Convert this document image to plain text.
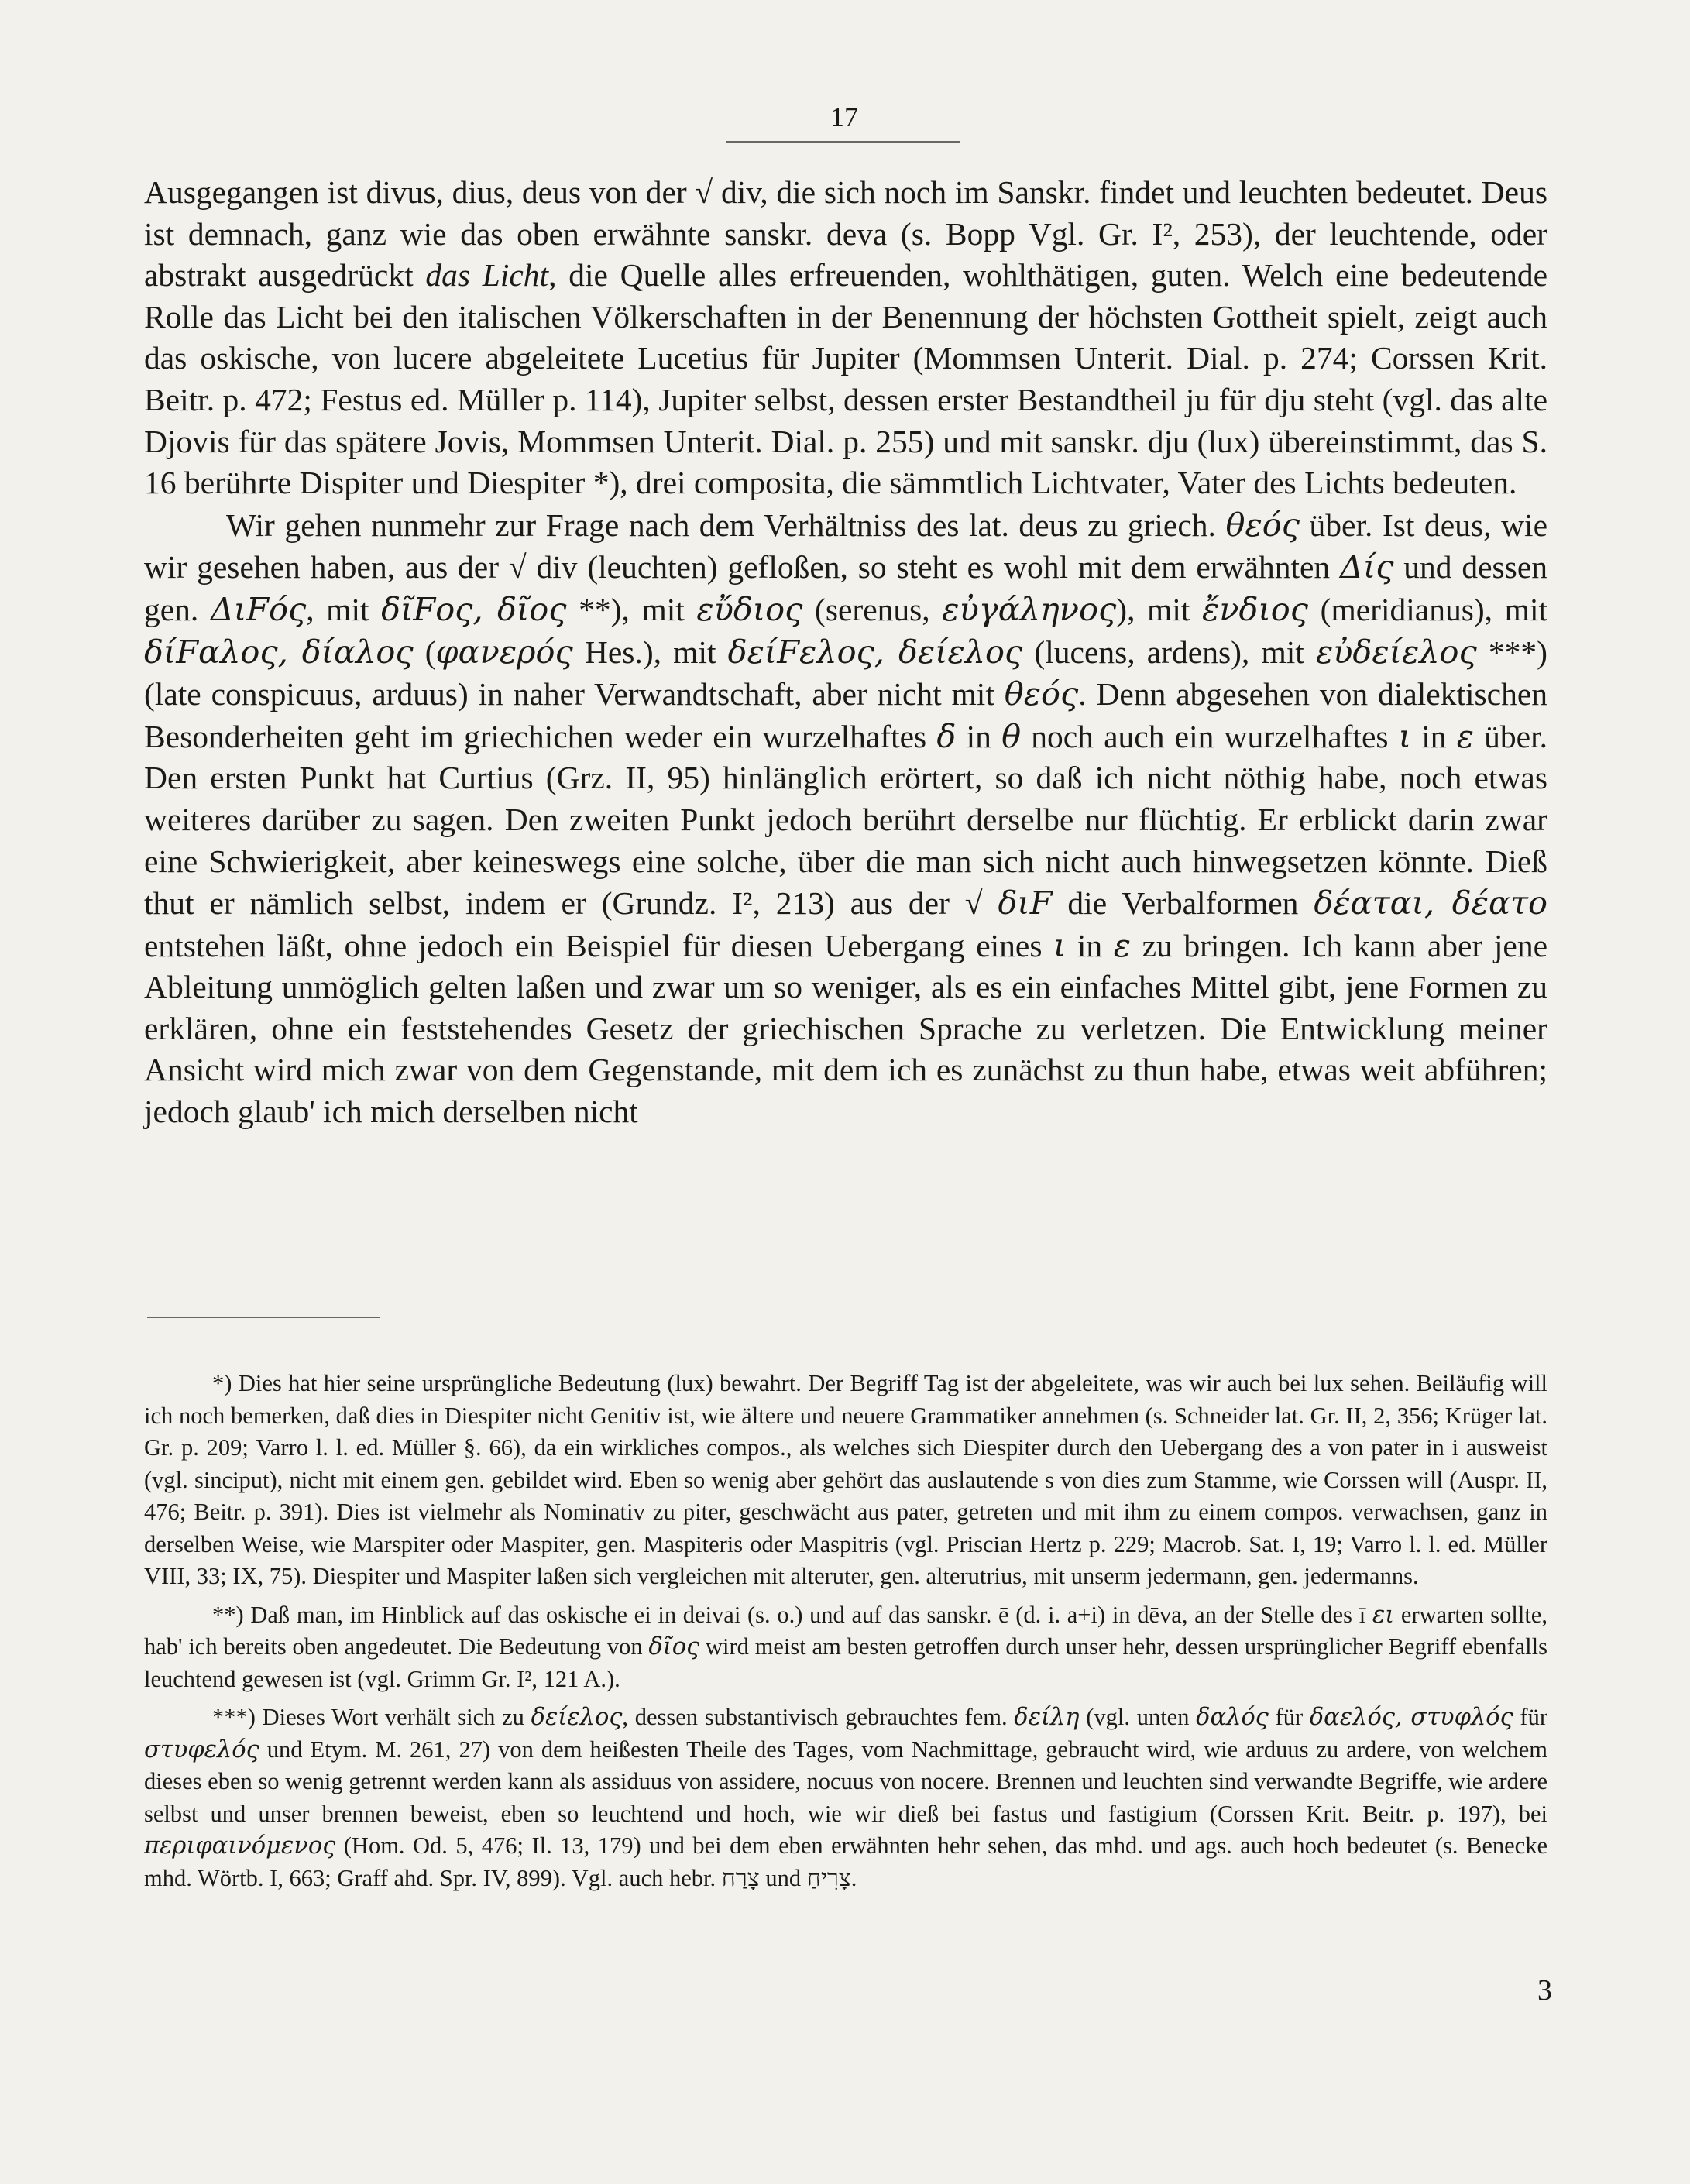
17

Ausgegangen ist divus, dius, deus von der √ div, die sich noch im Sanskr. findet und leuchten bedeutet. Deus ist demnach, ganz wie das oben erwähnte sanskr. deva (s. Bopp Vgl. Gr. I², 253), der leuchtende, oder abstrakt ausgedrückt das Licht, die Quelle alles erfreuenden, wohlthätigen, guten. Welch eine bedeutende Rolle das Licht bei den italischen Völkerschaften in der Benennung der höchsten Gottheit spielt, zeigt auch das oskische, von lucere abgeleitete Lucetius für Jupiter (Mommsen Unterit. Dial. p. 274; Corssen Krit. Beitr. p. 472; Festus ed. Müller p. 114), Jupiter selbst, dessen erster Bestandtheil ju für dju steht (vgl. das alte Djovis für das spätere Jovis, Mommsen Unterit. Dial. p. 255) und mit sanskr. dju (lux) übereinstimmt, das S. 16 berührte Dispiter und Diespiter *), drei composita, die sämmtlich Lichtvater, Vater des Lichts bedeuten.

Wir gehen nunmehr zur Frage nach dem Verhältniss des lat. deus zu griech. θεός über. Ist deus, wie wir gesehen haben, aus der √ div (leuchten) gefloßen, so steht es wohl mit dem erwähnten Δίς und dessen gen. ΔιFός, mit δῖFος, δῖος **), mit εὔδιος (serenus, εὐγάληνος), mit ἔνδιος (meridianus), mit δίFαλος, δίαλος (φανερός Hes.), mit δείFελος, δείελος (lucens, ardens), mit εὐδείελος ***) (late conspicuus, arduus) in naher Verwandtschaft, aber nicht mit θεός. Denn abgesehen von dialektischen Besonderheiten geht im griechichen weder ein wurzelhaftes δ in θ noch auch ein wurzelhaftes ι in ε über. Den ersten Punkt hat Curtius (Grz. II, 95) hinlänglich erörtert, so daß ich nicht nöthig habe, noch etwas weiteres darüber zu sagen. Den zweiten Punkt jedoch berührt derselbe nur flüchtig. Er erblickt darin zwar eine Schwierigkeit, aber keineswegs eine solche, über die man sich nicht auch hinwegsetzen könnte. Dieß thut er nämlich selbst, indem er (Grundz. I², 213) aus der √ διF die Verbalformen δέαται, δέατο entstehen läßt, ohne jedoch ein Beispiel für diesen Uebergang eines ι in ε zu bringen. Ich kann aber jene Ableitung unmöglich gelten laßen und zwar um so weniger, als es ein einfaches Mittel gibt, jene Formen zu erklären, ohne ein feststehendes Gesetz der griechischen Sprache zu verletzen. Die Entwicklung meiner Ansicht wird mich zwar von dem Gegenstande, mit dem ich es zunächst zu thun habe, etwas weit abführen; jedoch glaub' ich mich derselben nicht

*) Dies hat hier seine ursprüngliche Bedeutung (lux) bewahrt. Der Begriff Tag ist der abgeleitete, was wir auch bei lux sehen. Beiläufig will ich noch bemerken, daß dies in Diespiter nicht Genitiv ist, wie ältere und neuere Grammatiker annehmen (s. Schneider lat. Gr. II, 2, 356; Krüger lat. Gr. p. 209; Varro l. l. ed. Müller §. 66), da ein wirkliches compos., als welches sich Diespiter durch den Uebergang des a von pater in i ausweist (vgl. sinciput), nicht mit einem gen. gebildet wird. Eben so wenig aber gehört das auslautende s von dies zum Stamme, wie Corssen will (Auspr. II, 476; Beitr. p. 391). Dies ist vielmehr als Nominativ zu piter, geschwächt aus pater, getreten und mit ihm zu einem compos. verwachsen, ganz in derselben Weise, wie Marspiter oder Maspiter, gen. Maspiteris oder Maspitris (vgl. Priscian Hertz p. 229; Macrob. Sat. I, 19; Varro l. l. ed. Müller VIII, 33; IX, 75). Diespiter und Maspiter laßen sich vergleichen mit alteruter, gen. alterutrius, mit unserm jedermann, gen. jedermanns.

**) Daß man, im Hinblick auf das oskische ei in deivai (s. o.) und auf das sanskr. ē (d. i. a+i) in dēva, an der Stelle des ī ει erwarten sollte, hab' ich bereits oben angedeutet. Die Bedeutung von δῖος wird meist am besten getroffen durch unser hehr, dessen ursprünglicher Begriff ebenfalls leuchtend gewesen ist (vgl. Grimm Gr. I², 121 A.).

***) Dieses Wort verhält sich zu δείελος, dessen substantivisch gebrauchtes fem. δείλη (vgl. unten δαλός für δαελός, στυφλός für στυφελός und Etym. M. 261, 27) von dem heißesten Theile des Tages, vom Nachmittage, gebraucht wird, wie arduus zu ardere, von welchem dieses eben so wenig getrennt werden kann als assiduus von assidere, nocuus von nocere. Brennen und leuchten sind verwandte Begriffe, wie ardere selbst und unser brennen beweist, eben so leuchtend und hoch, wie wir dieß bei fastus und fastigium (Corssen Krit. Beitr. p. 197), bei περιφαινόμενος (Hom. Od. 5, 476; Il. 13, 179) und bei dem eben erwähnten hehr sehen, das mhd. und ags. auch hoch bedeutet (s. Benecke mhd. Wörtb. I, 663; Graff ahd. Spr. IV, 899). Vgl. auch hebr. צָרַח und צָרִיחַ.

3
